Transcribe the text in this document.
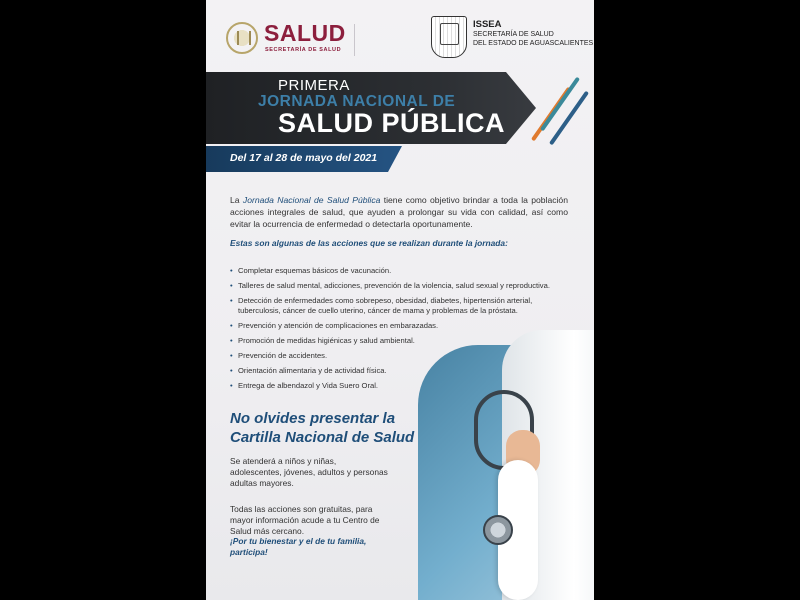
SALUD
SECRETARÍA DE SALUD
ISSEA
SECRETARÍA DE SALUD
DEL ESTADO DE AGUASCALIENTES
PRIMERA
JORNADA NACIONAL DE
SALUD PÚBLICA
Del 17 al 28 de mayo del 2021
La Jornada Nacional de Salud Pública tiene como objetivo brindar a toda la población acciones integrales de salud, que ayuden a prolongar su vida con calidad, así como evitar la ocurrencia de enfermedad o detectarla oportunamente.
Estas son algunas de las acciones que se realizan durante la jornada:
• Completar esquemas básicos de vacunación.
• Talleres de salud mental, adicciones, prevención de la violencia, salud sexual y reproductiva.
• Detección de enfermedades como sobrepeso, obesidad, diabetes, hipertensión arterial, tuberculosis, cáncer de cuello uterino, cáncer de mama y problemas de la próstata.
• Prevención y atención de complicaciones en embarazadas.
• Promoción de medidas higiénicas y salud ambiental.
• Prevención de accidentes.
• Orientación alimentaria y de actividad física.
• Entrega de albendazol y Vida Suero Oral.
No olvides presentar la
Cartilla Nacional de Salud
Se atenderá a niños y niñas, adolescentes, jóvenes, adultos y personas adultas mayores.
Todas las acciones son gratuitas, para mayor información acude a tu Centro de Salud más cercano.
¡Por tu bienestar y el de tu familia, participa!
